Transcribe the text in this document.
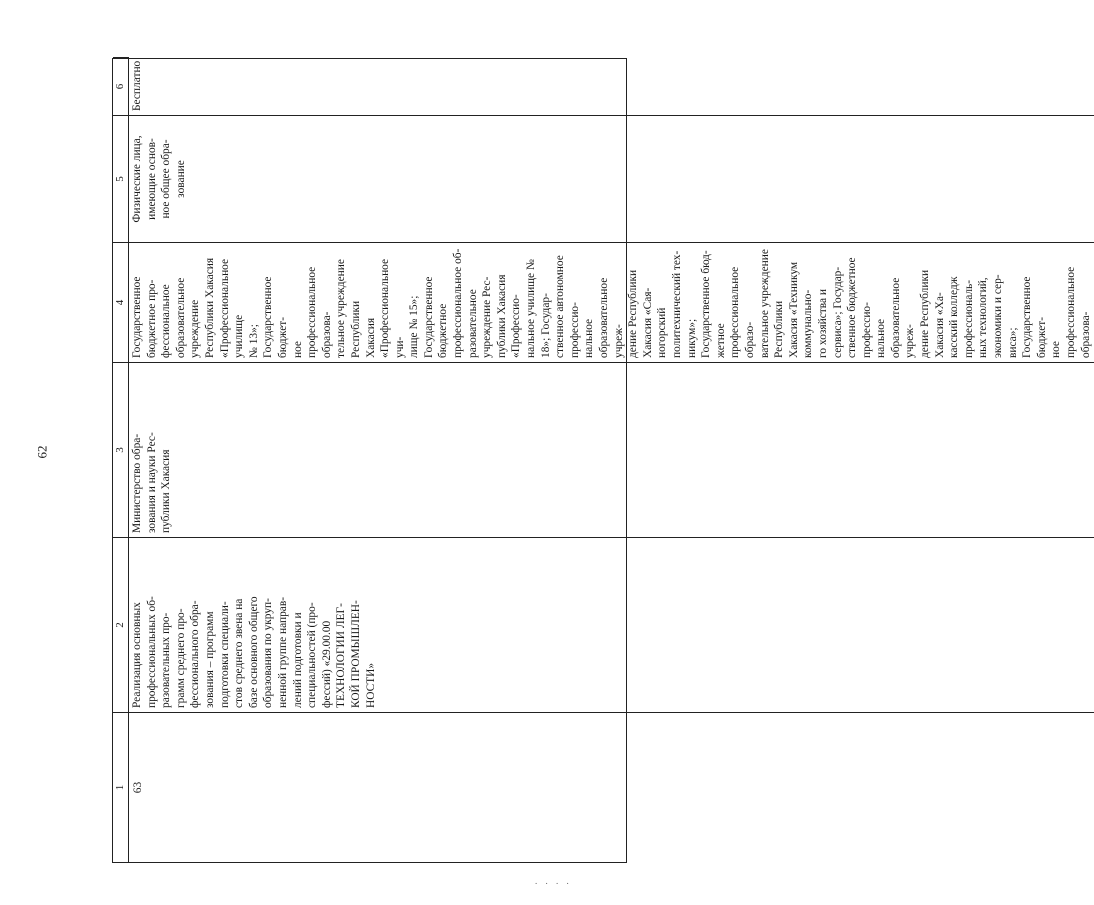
62
1
2
3
4
5
6
63
Реализация основных
профессиональных об-
разовательных про-
грамм среднего про-
фессионального обра-
зования – программ
подготовки специали-
стов среднего звена на
базе основного общего
образования по укруп-
ненной группе направ-
лений подготовки и
специальностей (про-
фессий) «29.00.00
ТЕХНОЛОГИИ ЛЕГ-
КОЙ ПРОМЫШЛЕН-
НОСТИ»
Министерство обра-
зования и науки Рес-
публики Хакасия
Государственное бюджетное про-
фессиональное образовательное
учреждение Республики Хакасия
«Профессиональное училище
№ 13»; Государственное бюджет-
ное профессиональное образова-
тельное учреждение Республики
Хакасия «Профессиональное учи-
лище № 15»; Государственное
бюджетное профессиональное об-
разовательное учреждение Рес-
публики Хакасия «Профессио-
нальное училище № 18»; Государ-
ственное автономное профессио-
нальное образовательное учреж-
дение Республики Хакасия «Сая-
ногорский политехнический тех-
никум»; Государственное бюд-
жетное профессиональное образо-
вательное учреждение Республики
Хакасия «Техникум коммунально-
го хозяйства и сервиса»; Государ-
ственное бюджетное профессио-
нальное образовательное учреж-
дение Республики Хакасия «Ха-
касский колледж профессиональ-
ных технологий, экономики и сер-
виса»; Государственное бюджет-
ное профессиональное образова-
Физические лица,
имеющие основ-
ное общее обра-
зование
Бесплатно
. . . .
